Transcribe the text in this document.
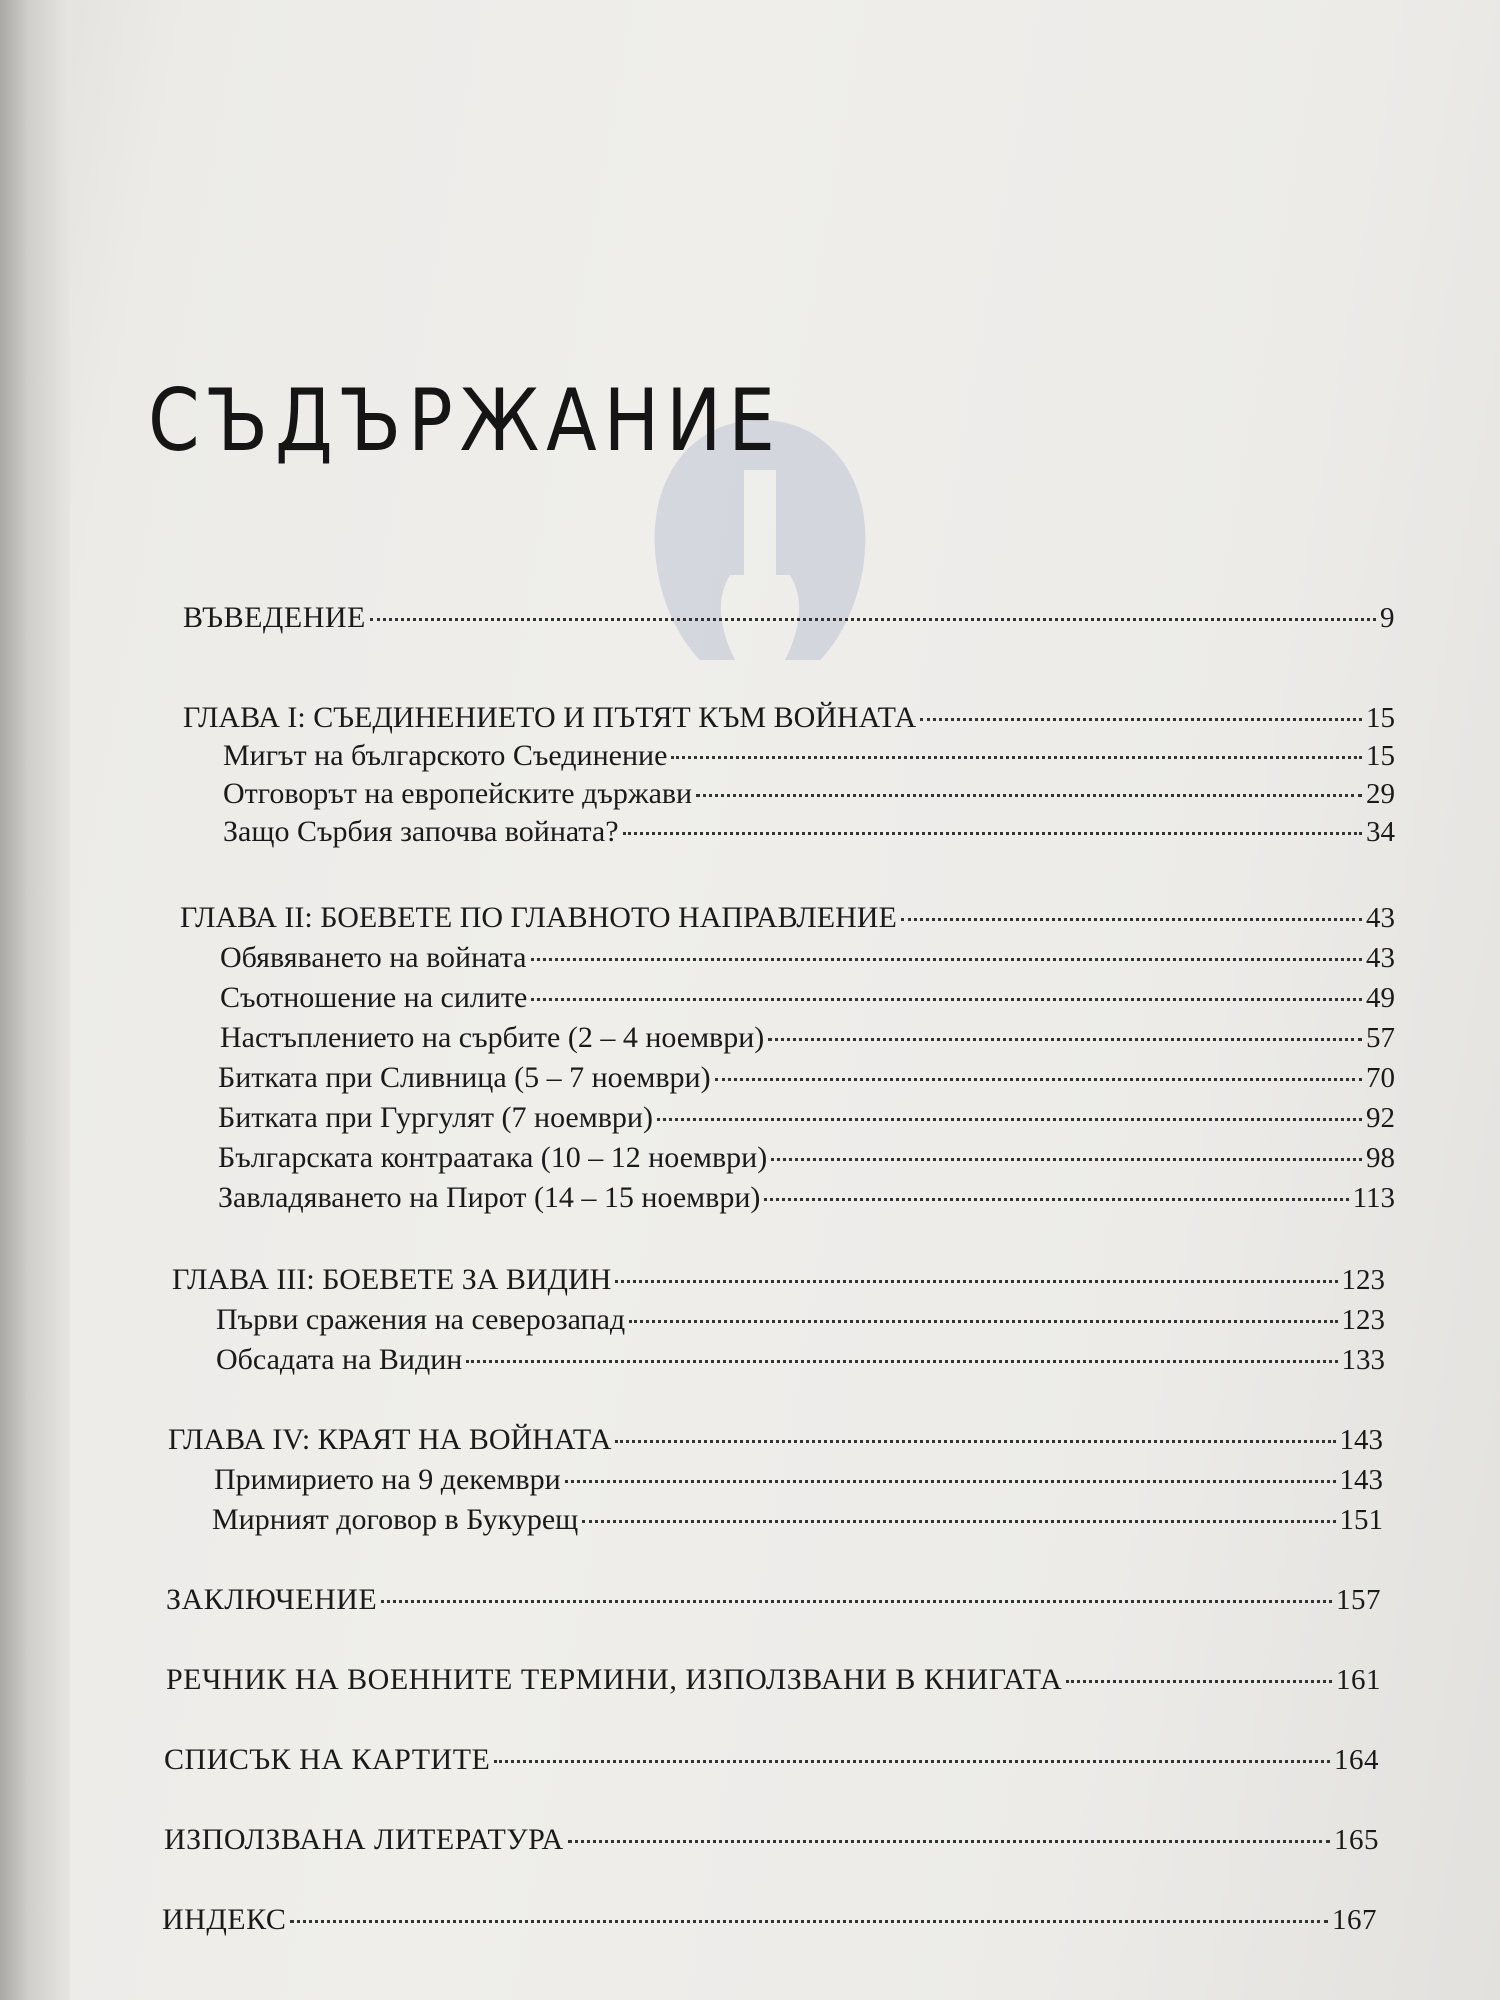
СЪДЪРЖАНИЕ
ВЪВЕДЕНИЕ	9
ГЛАВА I: СЪЕДИНЕНИЕТО И ПЪТЯТ КЪМ ВОЙНАТА	15
Мигът на българското Съединение	15
Отговорът на европейските държави	29
Защо Сърбия започва войната?	34
ГЛАВА II: БОЕВЕТЕ ПО ГЛАВНОТО НАПРАВЛЕНИЕ	43
Обявяването на войната	43
Съотношение на силите	49
Настъплението на сърбите (2 – 4 ноември)	57
Битката при Сливница (5 – 7 ноември)	70
Битката при Гургулят (7 ноември)	92
Българската контраатака (10 – 12 ноември)	98
Завладяването на Пирот (14 – 15 ноември)	113
ГЛАВА III: БОЕВЕТЕ ЗА ВИДИН	123
Първи сражения на северозапад	123
Обсадата на Видин	133
ГЛАВА IV: КРАЯТ НА ВОЙНАТА	143
Примирието на 9 декември	143
Мирният договор в Букурещ	151
ЗАКЛЮЧЕНИЕ	157
РЕЧНИК НА ВОЕННИТЕ ТЕРМИНИ, ИЗПОЛЗВАНИ В КНИГАТА	161
СПИСЪК НА КАРТИТЕ	164
ИЗПОЛЗВАНА ЛИТЕРАТУРА	165
ИНДЕКС	167
